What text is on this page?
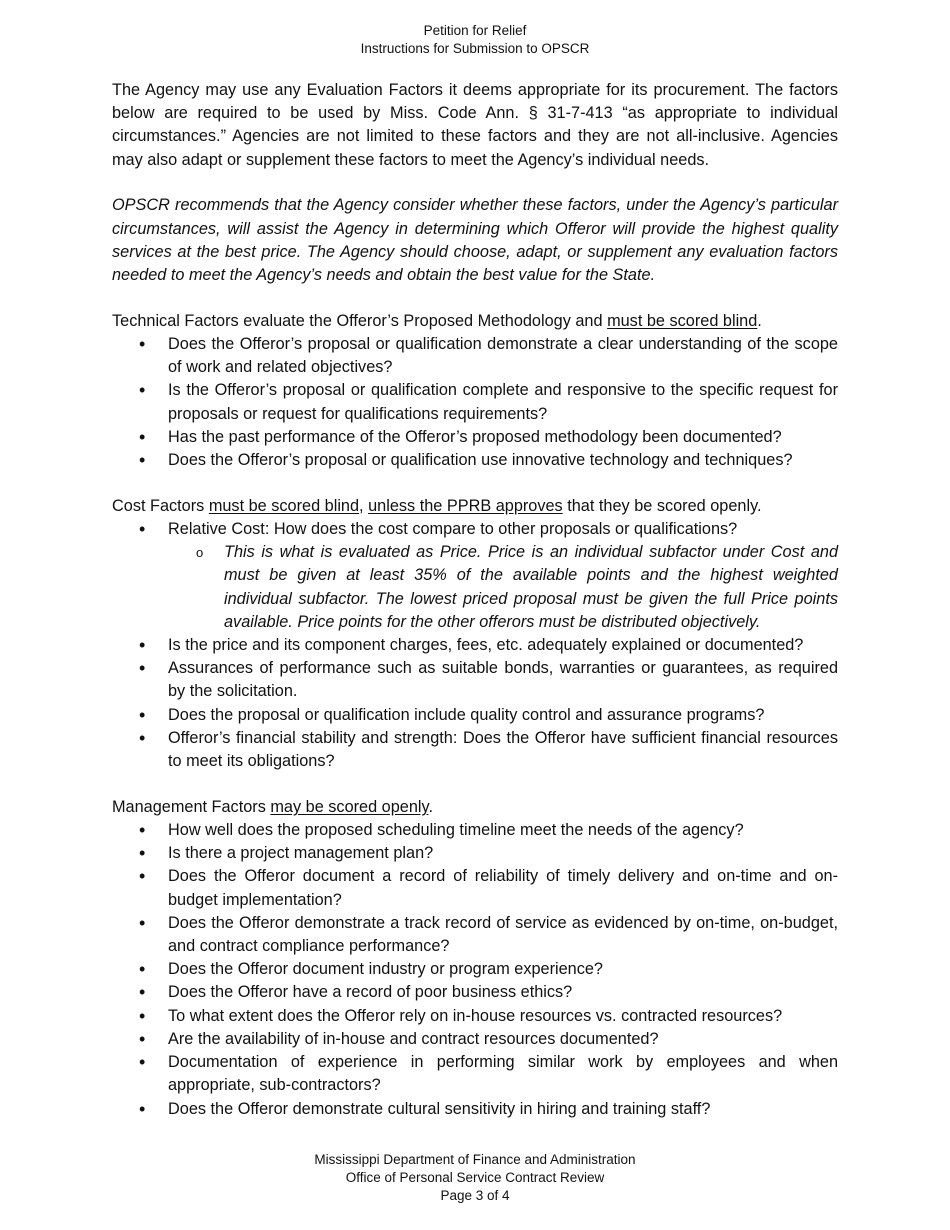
Petition for Relief
Instructions for Submission to OPSCR

The Agency may use any Evaluation Factors it deems appropriate for its procurement. The factors below are required to be used by Miss. Code Ann. § 31-7-413 “as appropriate to individual circumstances.” Agencies are not limited to these factors and they are not all-inclusive. Agencies may also adapt or supplement these factors to meet the Agency’s individual needs.

OPSCR recommends that the Agency consider whether these factors, under the Agency’s particular circumstances, will assist the Agency in determining which Offeror will provide the highest quality services at the best price. The Agency should choose, adapt, or supplement any evaluation factors needed to meet the Agency’s needs and obtain the best value for the State.

Technical Factors evaluate the Offeror’s Proposed Methodology and must be scored blind.

• Does the Offeror’s proposal or qualification demonstrate a clear understanding of the scope of work and related objectives?
• Is the Offeror’s proposal or qualification complete and responsive to the specific request for proposals or request for qualifications requirements?
• Has the past performance of the Offeror’s proposed methodology been documented?
• Does the Offeror’s proposal or qualification use innovative technology and techniques?

Cost Factors must be scored blind, unless the PPRB approves that they be scored openly.

• Relative Cost: How does the cost compare to other proposals or qualifications?
o This is what is evaluated as Price. Price is an individual subfactor under Cost and must be given at least 35% of the available points and the highest weighted individual subfactor. The lowest priced proposal must be given the full Price points available. Price points for the other offerors must be distributed objectively.
• Is the price and its component charges, fees, etc. adequately explained or documented?
• Assurances of performance such as suitable bonds, warranties or guarantees, as required by the solicitation.
• Does the proposal or qualification include quality control and assurance programs?
• Offeror’s financial stability and strength: Does the Offeror have sufficient financial resources to meet its obligations?

Management Factors may be scored openly.

• How well does the proposed scheduling timeline meet the needs of the agency?
• Is there a project management plan?
• Does the Offeror document a record of reliability of timely delivery and on-time and on-budget implementation?
• Does the Offeror demonstrate a track record of service as evidenced by on-time, on-budget, and contract compliance performance?
• Does the Offeror document industry or program experience?
• Does the Offeror have a record of poor business ethics?
• To what extent does the Offeror rely on in-house resources vs. contracted resources?
• Are the availability of in-house and contract resources documented?
• Documentation of experience in performing similar work by employees and when appropriate, sub-contractors?
• Does the Offeror demonstrate cultural sensitivity in hiring and training staff?
Mississippi Department of Finance and Administration
Office of Personal Service Contract Review
Page 3 of 4
